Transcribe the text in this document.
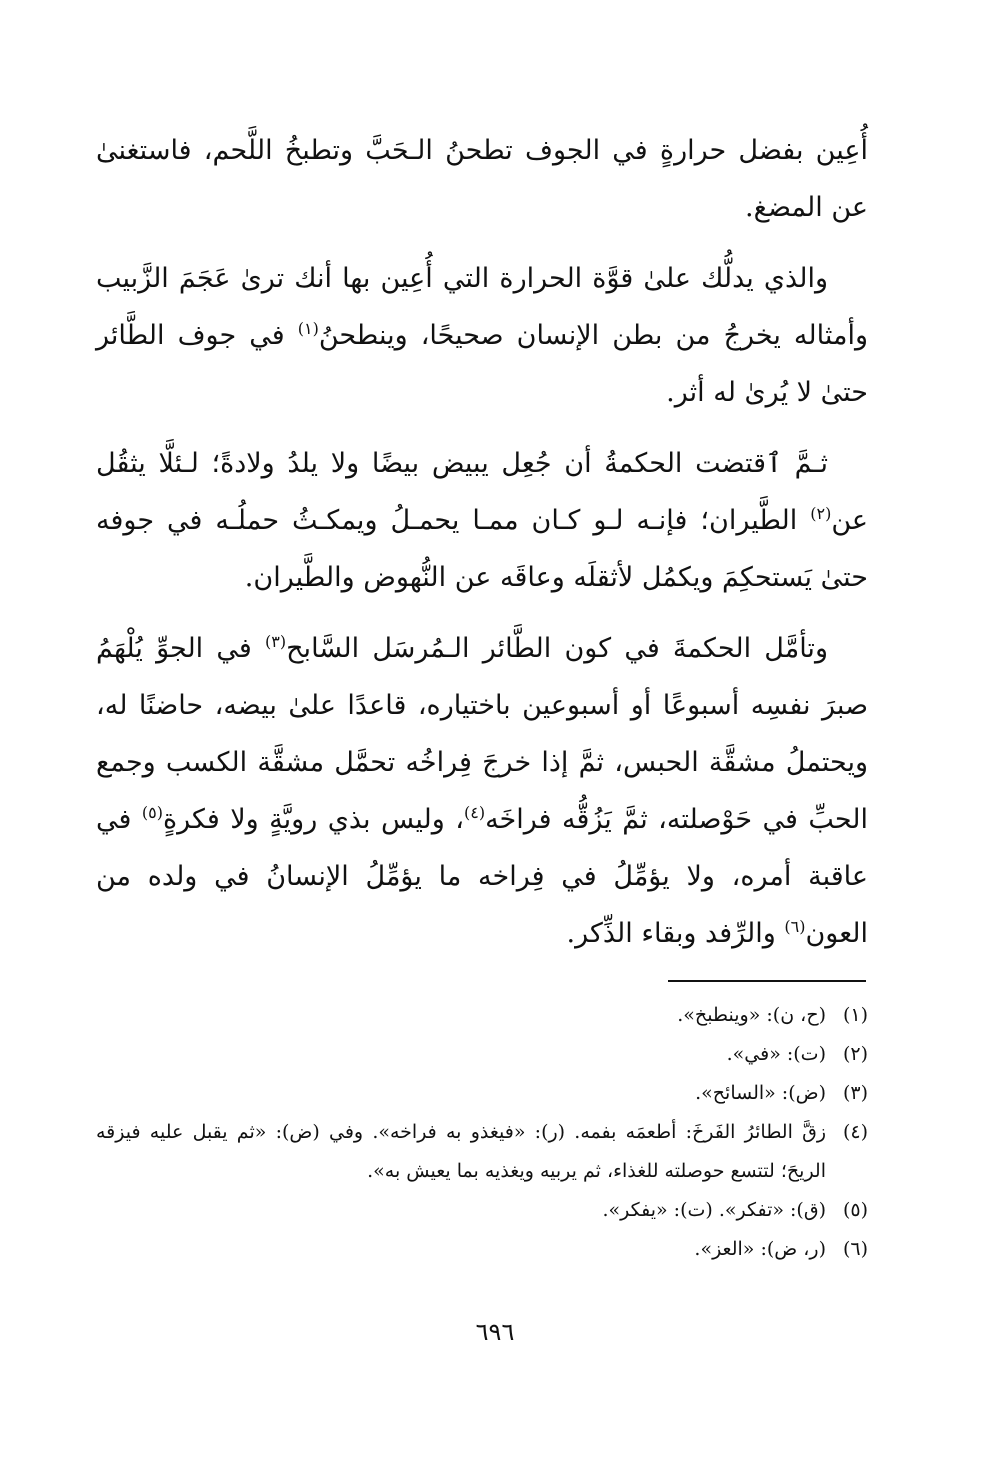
أُعِين بفضل حرارةٍ في الجوف تطحنُ الـحَبَّ وتطبخُ اللَّحم، فاستغنىٰ عن المضغ.

والذي يدلُّك علىٰ قوَّة الحرارة التي أُعِين بها أنك ترىٰ عَجَمَ الزَّبيب وأمثاله يخرجُ من بطن الإنسان صحيحًا، وينطحنُ$^{(١)}$ في جوف الطَّائر حتىٰ لا يُرىٰ له أثر.

ثـمَّ ٱقتضت الحكمةُ أن جُعِل يبيض بيضًا ولا يلدُ ولادةً؛ لـئلَّا يثقُل عن$^{(٢)}$ الطَّيران؛ فإنـه لـو كـان ممـا يحمـلُ ويمكـثُ حملُـه في جوفه حتىٰ يَستحكِمَ ويكمُل لأثقلَه وعاقَه عن النُّهوض والطَّيران.

وتأمَّل الحكمةَ في كون الطَّائر الـمُرسَل السَّابح$^{(٣)}$ في الجوِّ يُلْهَمُ صبرَ نفسِه أسبوعًا أو أسبوعين باختياره، قاعدًا علىٰ بيضه، حاضنًا له، ويحتملُ مشقَّة الحبس، ثمَّ إذا خرجَ فِراخُه تحمَّل مشقَّة الكسب وجمع الحبِّ في حَوْصلته، ثمَّ يَزُقُّه فراخَه$^{(٤)}$، وليس بذي رويَّةٍ ولا فكرةٍ$^{(٥)}$ في عاقبة أمره، ولا يؤمِّلُ في فِراخه ما يؤمِّلُ الإنسانُ في ولده من العون$^{(٦)}$ والرِّفد وبقاء الذِّكر.

(١)
(ح، ن): «وينطبخ».
(٢)
(ت): «في».
(٣)
(ض): «السائح».
(٤)
زقَّ الطائرُ الفَرخَ: أطعمَه بفمه. (ر): «فيغذو به فراخه». وفي (ض): «ثم يقبل عليه فيزقه الريحَ؛ لتتسع حوصلته للغذاء، ثم يربيه ويغذيه بما يعيش به».
(٥)
(ق): «تفكر». (ت): «يفكر».
(٦)
(ر، ض): «العز».
٦٩٦
